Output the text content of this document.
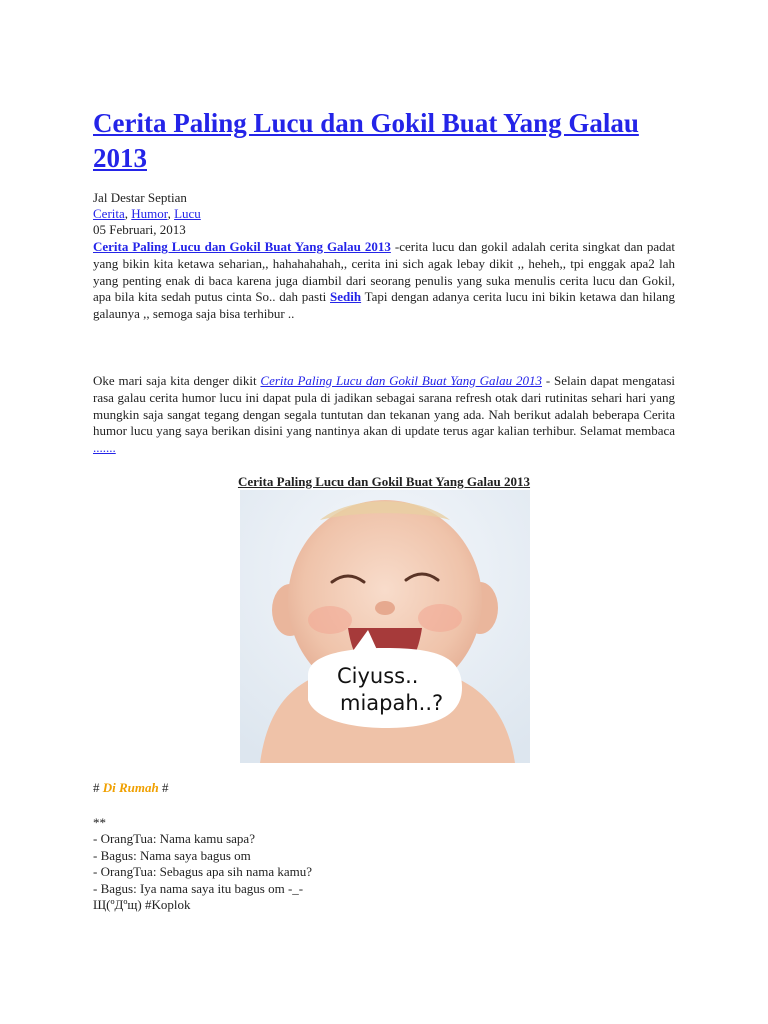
Cerita Paling Lucu dan Gokil Buat Yang Galau 2013
Jal Destar Septian
Cerita, Humor, Lucu
05 Februari, 2013

Cerita Paling Lucu dan Gokil Buat Yang Galau 2013 -cerita lucu dan gokil adalah cerita singkat dan padat yang bikin kita ketawa seharian,, hahahahahah,, cerita ini sich agak lebay dikit ,, heheh,, tpi enggak apa2 lah yang penting enak di baca karena juga diambil dari seorang penulis yang suka menulis cerita lucu dan Gokil, apa bila kita sedah putus cinta So.. dah pasti Sedih Tapi dengan adanya cerita lucu ini bikin ketawa dan hilang galaunya ,, semoga saja bisa terhibur ..

Oke mari saja kita denger dikit Cerita Paling Lucu dan Gokil Buat Yang Galau 2013 - Selain dapat mengatasi rasa galau cerita humor lucu ini dapat pula di jadikan sebagai sarana refresh otak dari rutinitas sehari hari yang mungkin saja sangat tegang dengan segala tuntutan dan tekanan yang ada. Nah berikut adalah beberapa Cerita humor lucu yang saya berikan disini yang nantinya akan di update terus agar kalian terhibur. Selamat membaca .......

Cerita Paling Lucu dan Gokil Buat Yang Galau 2013
Ciyuss..
miapah..?
# Di Rumah #
**
- OrangTua: Nama kamu sapa?
- Bagus: Nama saya bagus om
- OrangTua: Sebagus apa sih nama kamu?
- Bagus: Iya nama saya itu bagus om -_-
Щ(ºДºщ) #Koplok
